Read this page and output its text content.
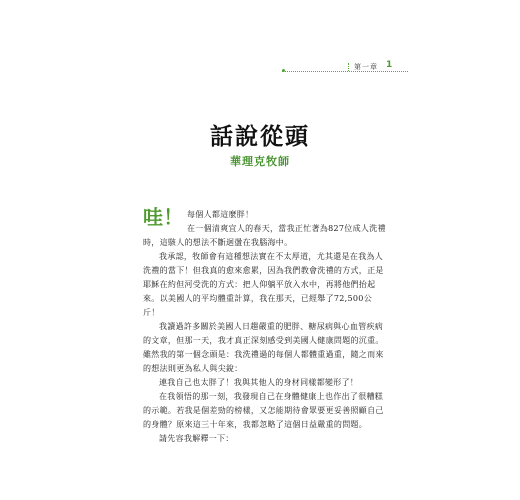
第一章 1
話說從頭
華理克牧師
哇！ 每個人都這麼胖！

在一個清爽宜人的春天，當我正忙著為827位成人洗禮時，這駭人的想法不斷迴盪在我腦海中。

我承認，牧師會有這種想法實在不太厚道，尤其還是在我為人洗禮的當下！但我真的愈來愈累，因為我們教會洗禮的方式，正是耶穌在約但河受洗的方式：把人仰躺平放入水中，再將他們抬起來。以美國人的平均體重計算，我在那天，已經舉了72,500公斤！

我讀過許多關於美國人日趨嚴重的肥胖、糖尿病與心血管疾病的文章，但那一天，我才真正深刻感受到美國人健康問題的沉重。雖然我的第一個念頭是：我洗禮過的每個人都體重過重，隨之而來的想法則更為私人與尖銳：

連我自己也太胖了！我與其他人的身材同樣都變形了！

在我領悟的那一刻，我發現自己在身體健康上也作出了很糟糕的示範。若我是個差勁的榜樣，又怎能期待會眾要更妥善照顧自己的身體？原來這三十年來，我都忽略了這個日益嚴重的問題。

請先容我解釋一下：
